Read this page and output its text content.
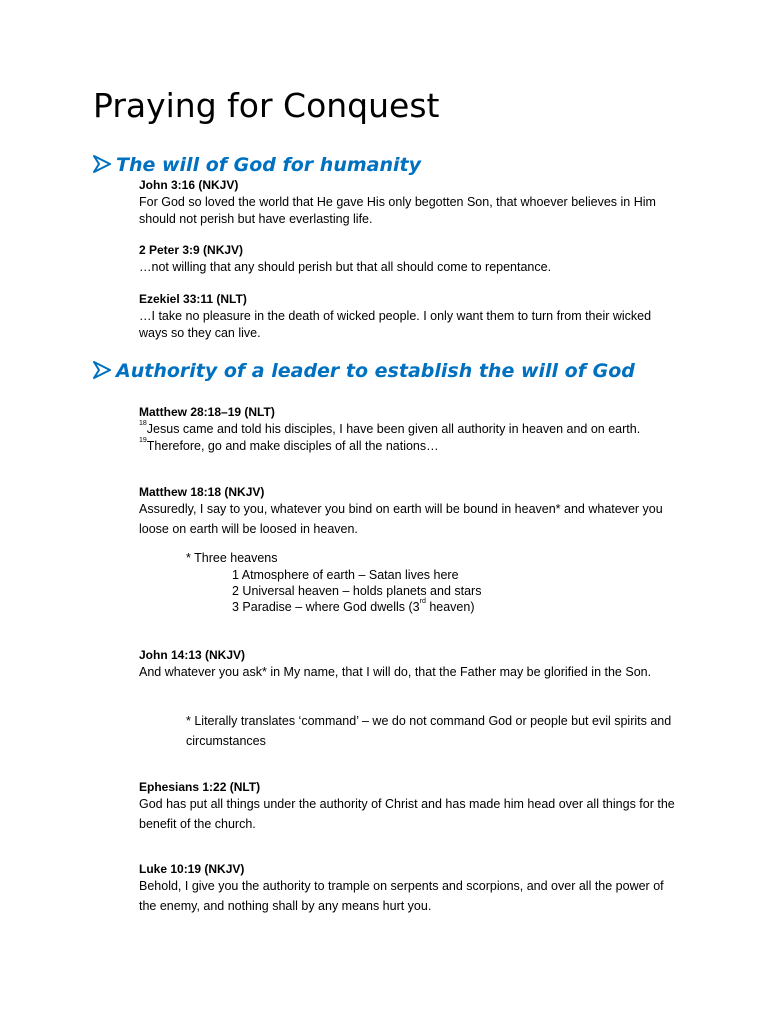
Praying for Conquest
The will of God for humanity
John 3:16 (NKJV)
For God so loved the world that He gave His only begotten Son, that whoever believes in Him should not perish but have everlasting life.
2 Peter 3:9 (NKJV)
…not willing that any should perish but that all should come to repentance.
Ezekiel 33:11 (NLT)
…I take no pleasure in the death of wicked people. I only want them to turn from their wicked ways so they can live.
Authority of a leader to establish the will of God
Matthew 28:18–19 (NLT)
$^{18}$Jesus came and told his disciples, I have been given all authority in heaven and on earth.
$^{19}$Therefore, go and make disciples of all the nations…
Matthew 18:18 (NKJV)
Assuredly, I say to you, whatever you bind on earth will be bound in heaven* and whatever you loose on earth will be loosed in heaven.
* Three heavens
1 Atmosphere of earth – Satan lives here
2 Universal heaven – holds planets and stars
3 Paradise – where God dwells (3rd heaven)
John 14:13 (NKJV)
And whatever you ask* in My name, that I will do, that the Father may be glorified in the Son.
* Literally translates ‘command’ – we do not command God or people but evil spirits and circumstances
Ephesians 1:22 (NLT)
God has put all things under the authority of Christ and has made him head over all things for the benefit of the church.
Luke 10:19 (NKJV)
Behold, I give you the authority to trample on serpents and scorpions, and over all the power of the enemy, and nothing shall by any means hurt you.
